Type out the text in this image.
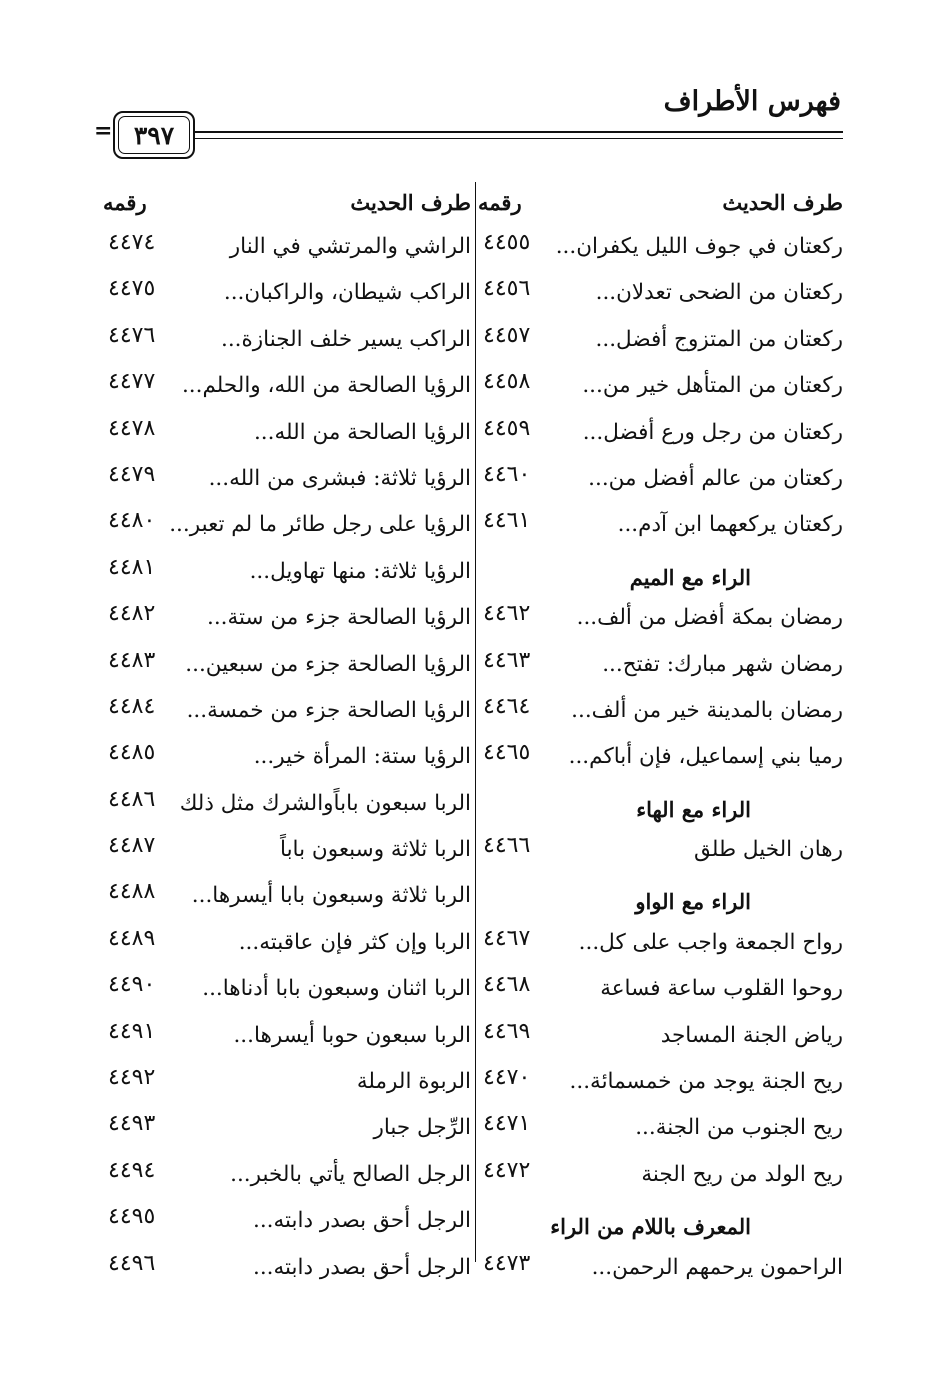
فهرس الأطراف
٣٩٧
=
طرف الحديث
رقمه
ركعتان في جوف الليل يكفران...
٤٤٥٥
ركعتان من الضحى تعدلان...
٤٤٥٦
ركعتان من المتزوج أفضل...
٤٤٥٧
ركعتان من المتأهل خير من...
٤٤٥٨
ركعتان من رجل ورع أفضل...
٤٤٥٩
ركعتان من عالم أفضل من...
٤٤٦٠
ركعتان يركعهما ابن آدم...
٤٤٦١
الراء مع الميم
رمضان بمكة أفضل من ألف...
٤٤٦٢
رمضان شهر مبارك: تفتح...
٤٤٦٣
رمضان بالمدينة خير من ألف...
٤٤٦٤
رميا بني إسماعيل، فإن أباكم...
٤٤٦٥
الراء مع الهاء
رهان الخيل طلق
٤٤٦٦
الراء مع الواو
رواح الجمعة واجب على كل...
٤٤٦٧
روحوا القلوب ساعة فساعة
٤٤٦٨
رياض الجنة المساجد
٤٤٦٩
ريح الجنة يوجد من خمسمائة...
٤٤٧٠
ريح الجنوب من الجنة...
٤٤٧١
ريح الولد من ريح الجنة
٤٤٧٢
المعرف باللام من الراء
الراحمون يرحمهم الرحمن...
٤٤٧٣
طرف الحديث
رقمه
الراشي والمرتشي في النار
٤٤٧٤
الراكب شيطان، والراكبان...
٤٤٧٥
الراكب يسير خلف الجنازة...
٤٤٧٦
الرؤيا الصالحة من الله، والحلم...
٤٤٧٧
الرؤيا الصالحة من الله...
٤٤٧٨
الرؤيا ثلاثة: فبشرى من الله...
٤٤٧٩
الرؤيا على رجل طائر ما لم تعبر...
٤٤٨٠
الرؤيا ثلاثة: منها تهاويل...
٤٤٨١
الرؤيا الصالحة جزء من ستة...
٤٤٨٢
الرؤيا الصالحة جزء من سبعين...
٤٤٨٣
الرؤيا الصالحة جزء من خمسة...
٤٤٨٤
الرؤيا ستة: المرأة خير...
٤٤٨٥
الربا سبعون باباًوالشرك مثل ذلك
٤٤٨٦
الربا ثلاثة وسبعون باباً
٤٤٨٧
الربا ثلاثة وسبعون بابا أيسرها...
٤٤٨٨
الربا وإن كثر فإن عاقبته...
٤٤٨٩
الربا اثنان وسبعون بابا أدناها...
٤٤٩٠
الربا سبعون حوبا أيسرها...
٤٤٩١
الربوة الرملة
٤٤٩٢
الرِّجل جبار
٤٤٩٣
الرجل الصالح يأتي بالخبر...
٤٤٩٤
الرجل أحق بصدر دابته...
٤٤٩٥
الرجل أحق بصدر دابته...
٤٤٩٦
